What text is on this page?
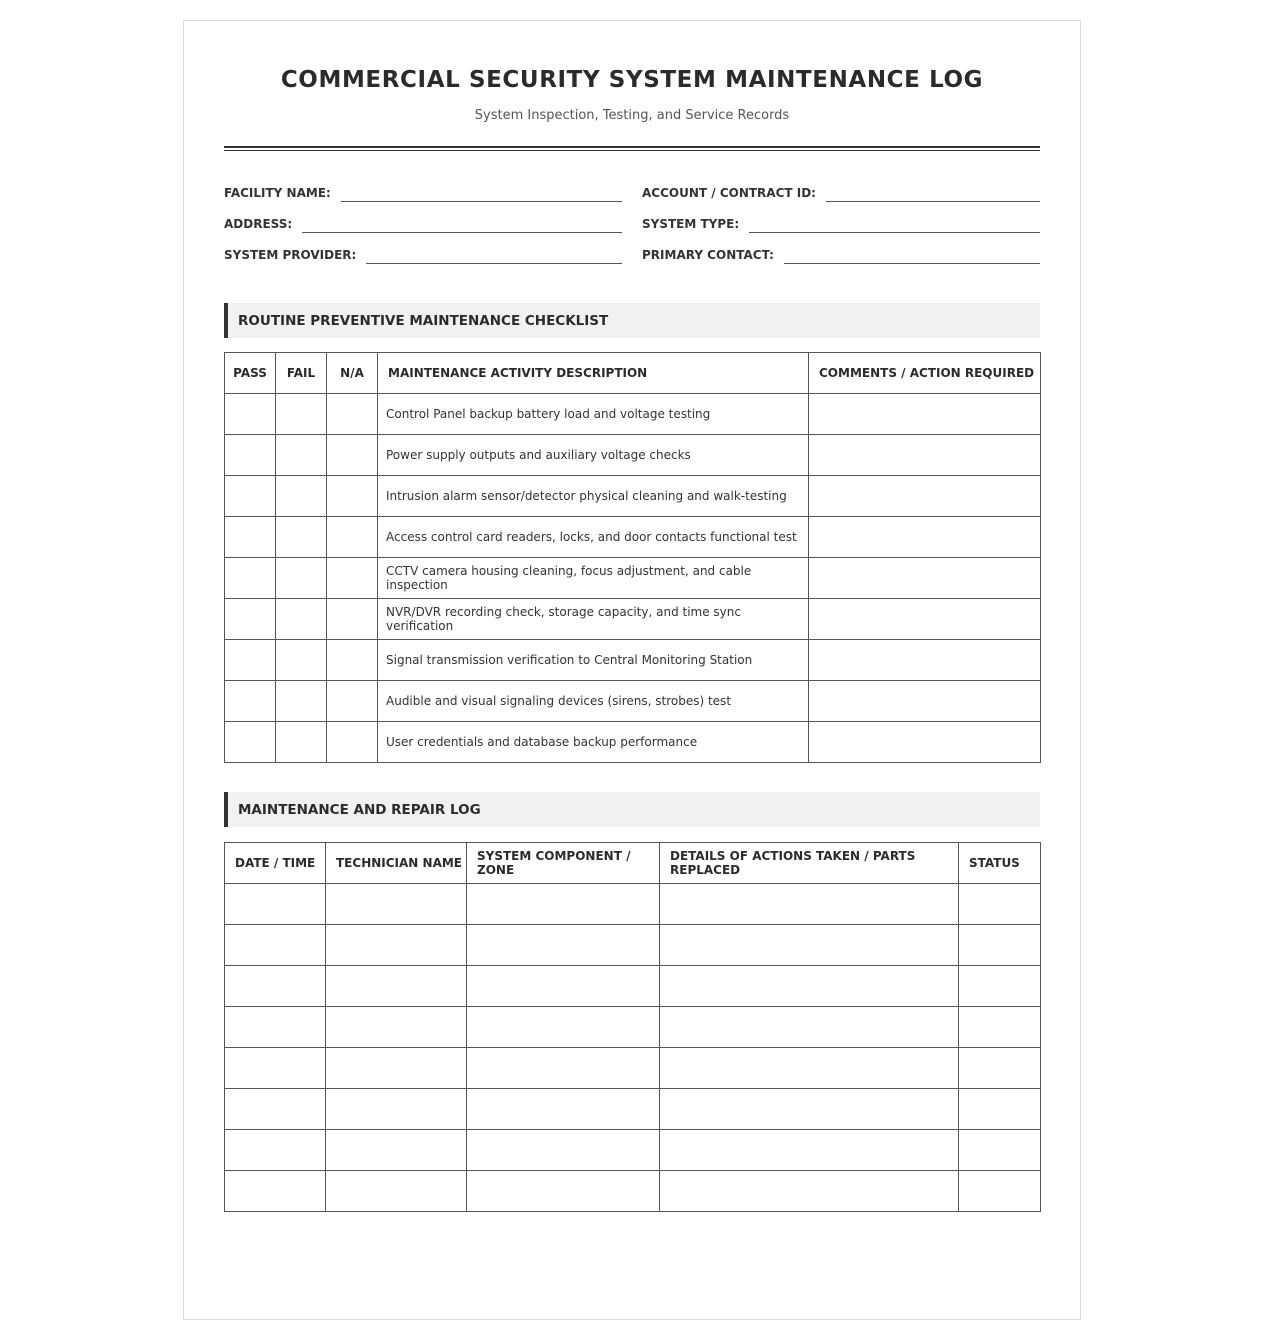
COMMERCIAL SECURITY SYSTEM MAINTENANCE LOG
System Inspection, Testing, and Service Records
FACILITY NAME:	ACCOUNT / CONTRACT ID:
ADDRESS:	SYSTEM TYPE:
SYSTEM PROVIDER:	PRIMARY CONTACT:
ROUTINE PREVENTIVE MAINTENANCE CHECKLIST
PASS	FAIL	N/A	MAINTENANCE ACTIVITY DESCRIPTION	COMMENTS / ACTION REQUIRED
			Control Panel backup battery load and voltage testing	
			Power supply outputs and auxiliary voltage checks	
			Intrusion alarm sensor/detector physical cleaning and walk-testing	
			Access control card readers, locks, and door contacts functional test	
			CCTV camera housing cleaning, focus adjustment, and cable inspection	
			NVR/DVR recording check, storage capacity, and time sync verification	
			Signal transmission verification to Central Monitoring Station	
			Audible and visual signaling devices (sirens, strobes) test	
			User credentials and database backup performance	
MAINTENANCE AND REPAIR LOG
DATE / TIME	TECHNICIAN NAME	SYSTEM COMPONENT / ZONE	DETAILS OF ACTIONS TAKEN / PARTS REPLACED	STATUS
